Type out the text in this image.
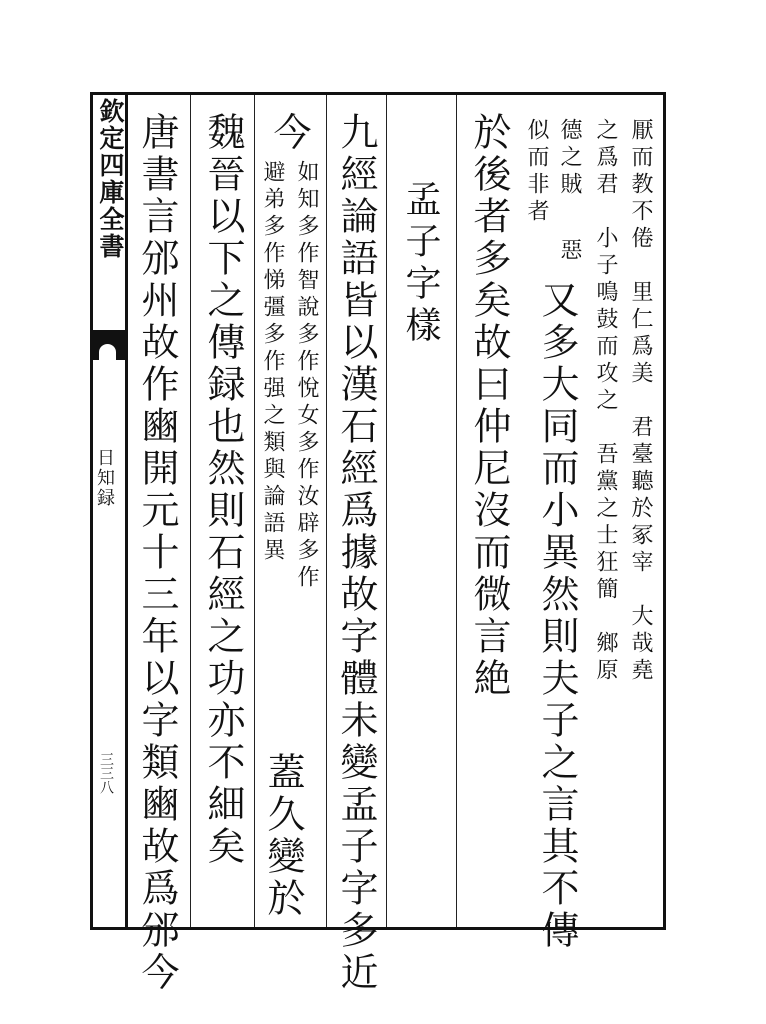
欽定四庫全書
日知録
三三八
厭而教不倦　里仁爲美　君臺聽於冢宰　大哉堯
之爲君　小子鳴鼓而攻之　吾黨之士狂簡　鄉原
德之賊
似而非者
惡
又多大同而小異然則夫子之言其不傳
於後者多矣故曰仲尼沒而微言絶
孟子字樣
九經論語皆以漢石經爲據故字體未變孟子字多近
今
如知多作智說多作悅女多作汝辟多作
避弟多作悌彊多作强之類與論語異
蓋久變於
魏晉以下之傳録也然則石經之功亦不細矣
唐書言邠州故作豳開元十三年以字類豳故爲邠今
